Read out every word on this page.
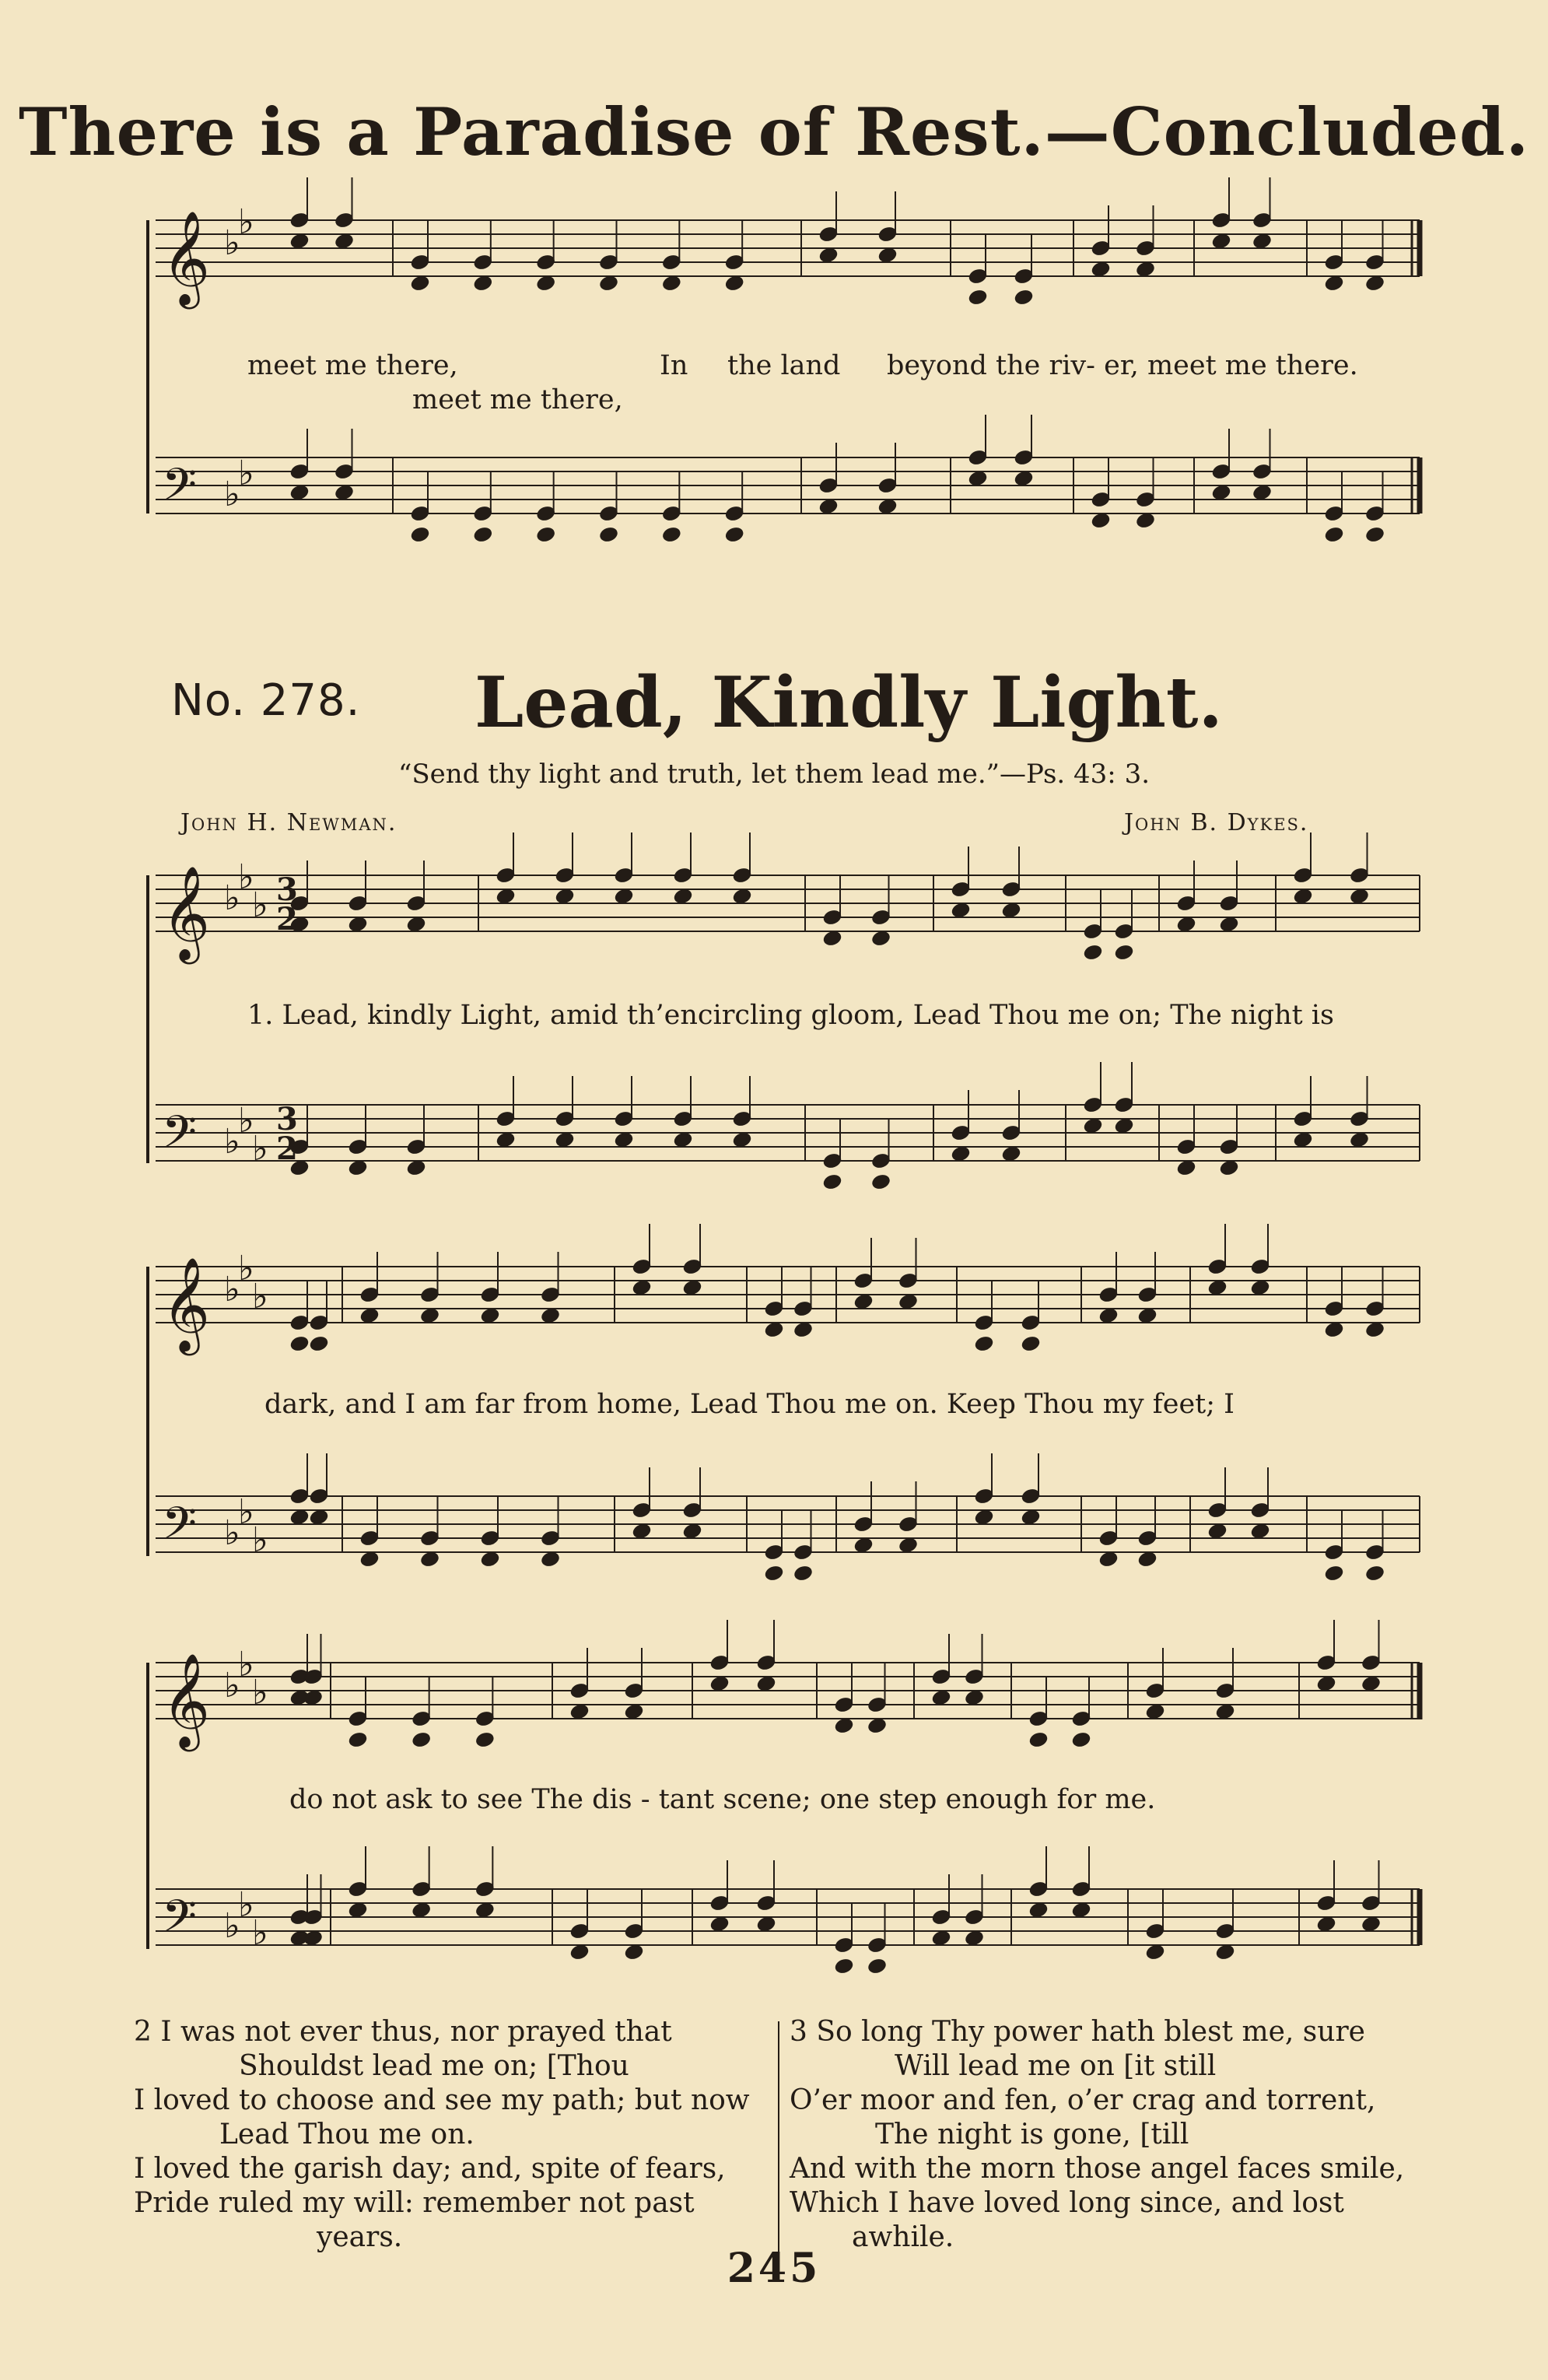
There is a Paradise of Rest.—Concluded.
𝄞 ♭
♭
𝄢 ♭
♭
𝄞 ♭
♭
♭
𝄢 ♭
♭
♭
𝄞 ♭
♭
♭
𝄢 ♭
♭
♭
𝄞 ♭
♭
♭
𝄢 ♭
♭
♭
3
2
3
2
meet me there,	In the land beyond the riv- er, meet me there.
meet me there,
No. 278. Lead, Kindly Light.
“Send thy light and truth, let them lead me.”—Ps. 43: 3.
John H. Newman.	John B. Dykes.
1. Lead, kindly Light, amid th’encircling gloom, Lead Thou me on; The night is
dark, and I am far from home, Lead Thou me on. Keep Thou my feet; I
do not ask to see The dis - tant scene; one step enough for me.
2 I was not ever thus, nor prayed that
Shouldst lead me on; [Thou
I loved to choose and see my path; but now
Lead Thou me on.
I loved the garish day; and, spite of fears,
Pride ruled my will: remember not past
years.
3 So long Thy power hath blest me, sure
Will lead me on [it still
O’er moor and fen, o’er crag and torrent,
The night is gone, [till
And with the morn those angel faces smile,
Which I have loved long since, and lost
awhile.
245
